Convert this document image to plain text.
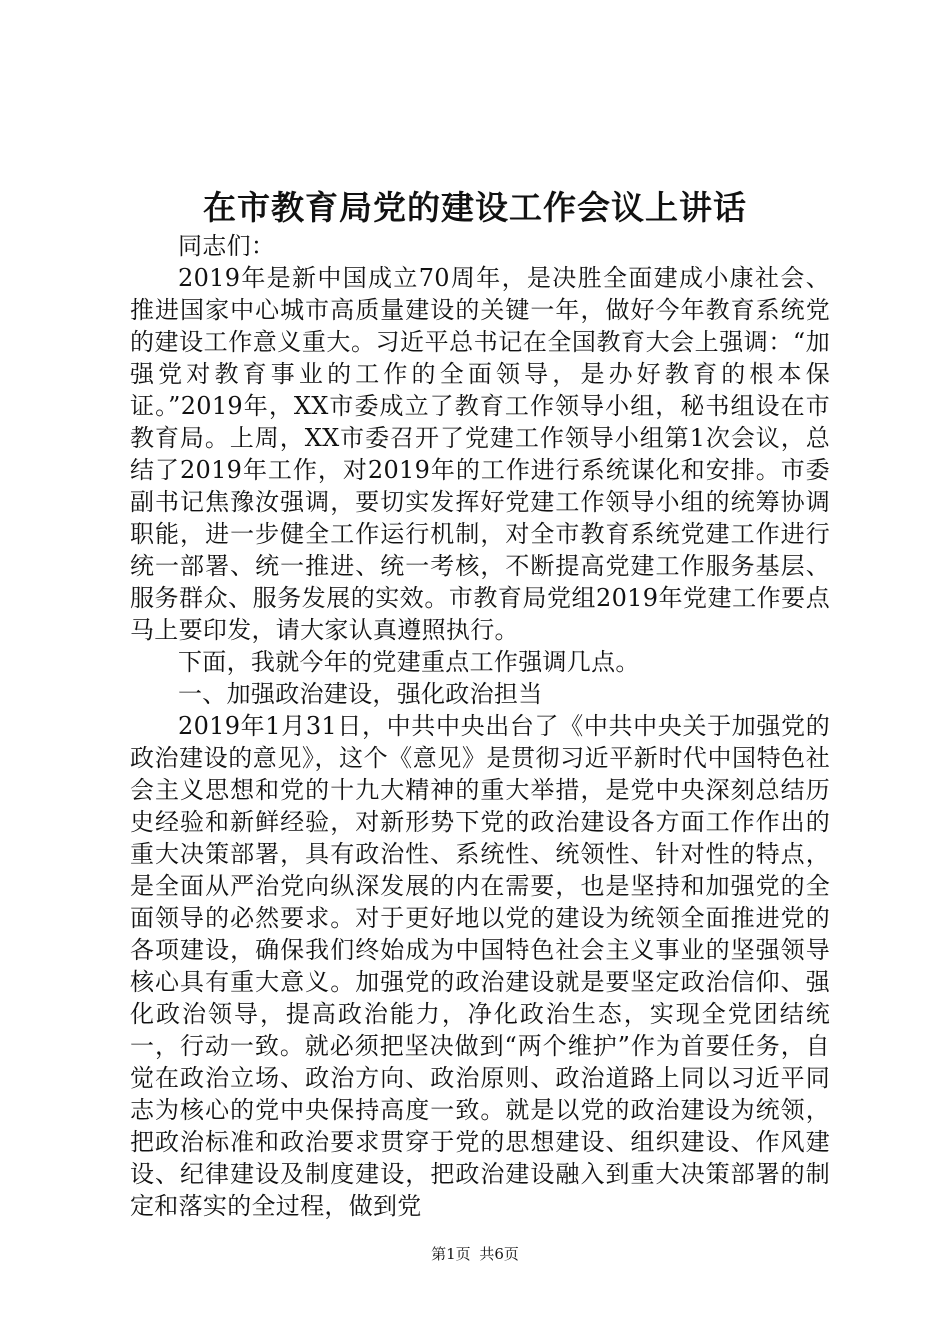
在市教育局党的建设工作会议上讲话

同志们：

2019年是新中国成立70周年，是决胜全面建成小康社会、推进国家中心城市高质量建设的关键一年，做好今年教育系统党的建设工作意义重大。习近平总书记在全国教育大会上强调：“加强党对教育事业的工作的全面领导，是办好教育的根本保证。”2019年，XX市委成立了教育工作领导小组，秘书组设在市教育局。上周，XX市委召开了党建工作领导小组第1次会议，总结了2019年工作，对2019年的工作进行系统谋化和安排。市委副书记焦豫汝强调，要切实发挥好党建工作领导小组的统筹协调职能，进一步健全工作运行机制，对全市教育系统党建工作进行统一部署、统一推进、统一考核，不断提高党建工作服务基层、服务群众、服务发展的实效。市教育局党组2019年党建工作要点马上要印发，请大家认真遵照执行。

下面，我就今年的党建重点工作强调几点。

一、加强政治建设，强化政治担当

2019年1月31日，中共中央出台了《中共中央关于加强党的政治建设的意见》，这个《意见》是贯彻习近平新时代中国特色社会主义思想和党的十九大精神的重大举措，是党中央深刻总结历史经验和新鲜经验，对新形势下党的政治建设各方面工作作出的重大决策部署，具有政治性、系统性、统领性、针对性的特点，是全面从严治党向纵深发展的内在需要，也是坚持和加强党的全面领导的必然要求。对于更好地以党的建设为统领全面推进党的各项建设，确保我们终始成为中国特色社会主义事业的坚强领导核心具有重大意义。加强党的政治建设就是要坚定政治信仰、强化政治领导，提高政治能力，净化政治生态，实现全党团结统一，行动一致。就必须把坚决做到“两个维护”作为首要任务，自觉在政治立场、政治方向、政治原则、政治道路上同以习近平同志为核心的党中央保持高度一致。就是以党的政治建设为统领，把政治标准和政治要求贯穿于党的思想建设、组织建设、作风建设、纪律建设及制度建设，把政治建设融入到重大决策部署的制定和落实的全过程，做到党

第1页 共6页
